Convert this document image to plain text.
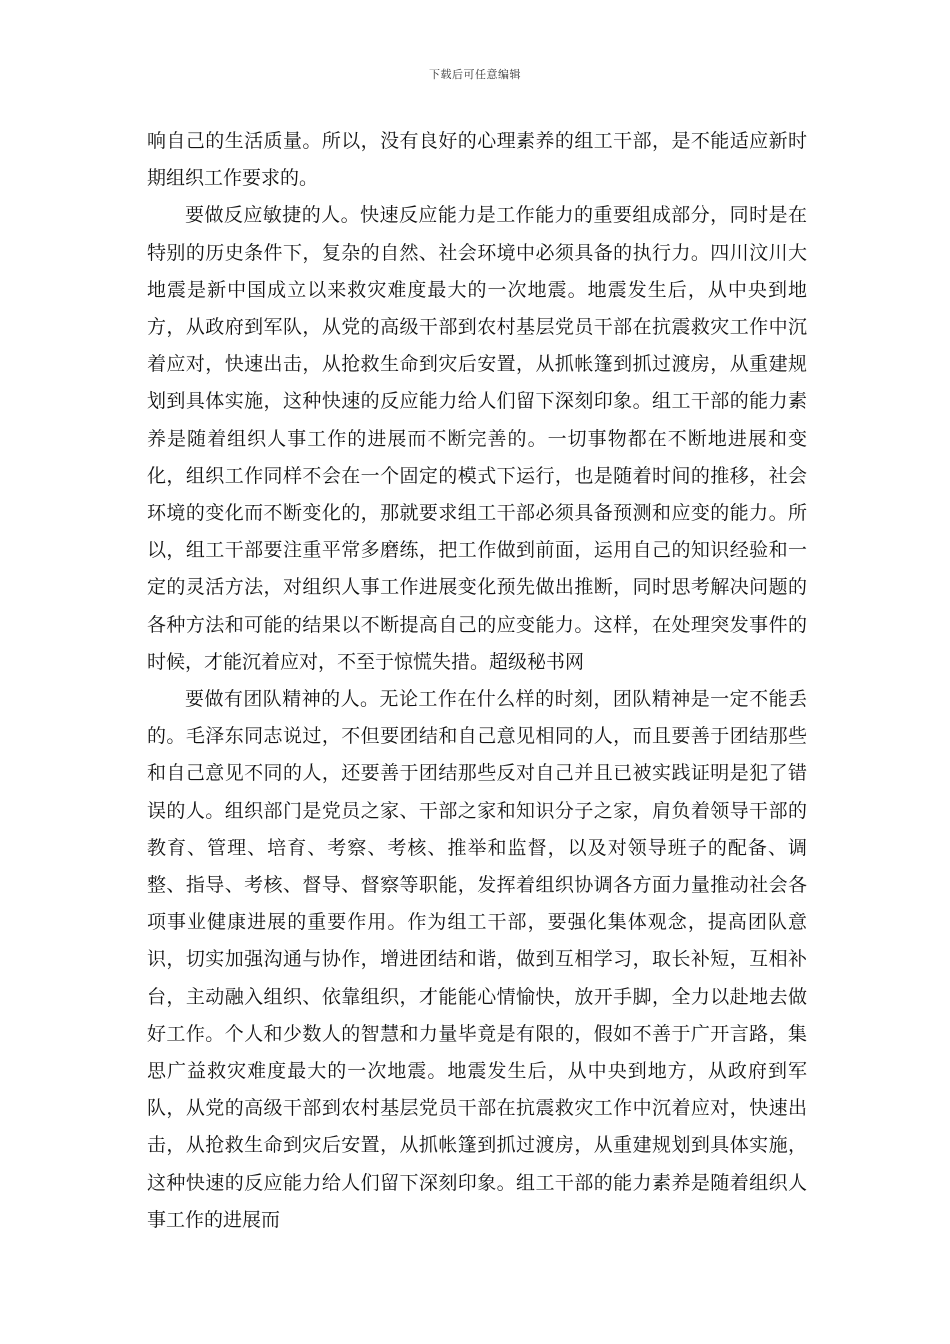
下载后可任意编辑

响自己的生活质量。所以，没有良好的心理素养的组工干部，是不能适应新时期组织工作要求的。

要做反应敏捷的人。快速反应能力是工作能力的重要组成部分，同时是在特别的历史条件下，复杂的自然、社会环境中必须具备的执行力。四川汶川大地震是新中国成立以来救灾难度最大的一次地震。地震发生后，从中央到地方，从政府到军队，从党的高级干部到农村基层党员干部在抗震救灾工作中沉着应对，快速出击，从抢救生命到灾后安置，从抓帐篷到抓过渡房，从重建规划到具体实施，这种快速的反应能力给人们留下深刻印象。组工干部的能力素养是随着组织人事工作的进展而不断完善的。一切事物都在不断地进展和变化，组织工作同样不会在一个固定的模式下运行，也是随着时间的推移，社会环境的变化而不断变化的，那就要求组工干部必须具备预测和应变的能力。所以，组工干部要注重平常多磨练，把工作做到前面，运用自己的知识经验和一定的灵活方法，对组织人事工作进展变化预先做出推断，同时思考解决问题的各种方法和可能的结果以不断提高自己的应变能力。这样，在处理突发事件的时候，才能沉着应对，不至于惊慌失措。超级秘书网

要做有团队精神的人。无论工作在什么样的时刻，团队精神是一定不能丢的。毛泽东同志说过，不但要团结和自己意见相同的人，而且要善于团结那些和自己意见不同的人，还要善于团结那些反对自己并且已被实践证明是犯了错误的人。组织部门是党员之家、干部之家和知识分子之家，肩负着领导干部的教育、管理、培育、考察、考核、推举和监督，以及对领导班子的配备、调整、指导、考核、督导、督察等职能，发挥着组织协调各方面力量推动社会各项事业健康进展的重要作用。作为组工干部，要强化集体观念，提高团队意识，切实加强沟通与协作，增进团结和谐，做到互相学习，取长补短，互相补台，主动融入组织、依靠组织，才能能心情愉快，放开手脚，全力以赴地去做好工作。个人和少数人的智慧和力量毕竟是有限的，假如不善于广开言路，集思广益救灾难度最大的一次地震。地震发生后，从中央到地方，从政府到军队，从党的高级干部到农村基层党员干部在抗震救灾工作中沉着应对，快速出击，从抢救生命到灾后安置，从抓帐篷到抓过渡房，从重建规划到具体实施，这种快速的反应能力给人们留下深刻印象。组工干部的能力素养是随着组织人事工作的进展而
